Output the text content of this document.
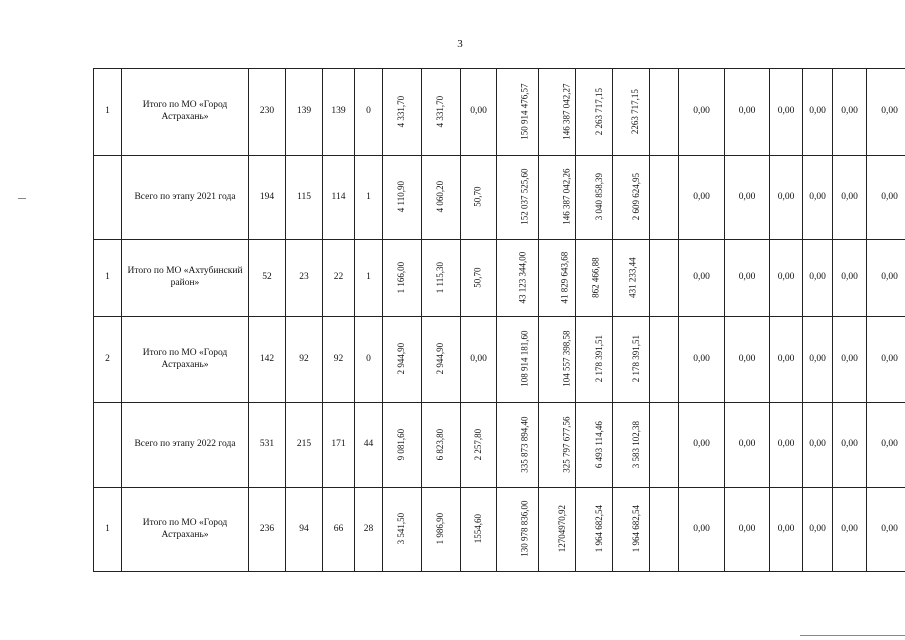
3
1	Итого по МО «Город Астрахань»	230	139	139	0	4 331,70	4 331,70	0,00	150 914 476,57	146 387 042,27	2 263 717,15	2263 717,15		0,00	0,00	0,00	0,00	0,00	0,00
	Всего по этапу 2021 года	194	115	114	1	4 110,90	4 060,20	50,70	152 037 525,60	146 387 042,26	3 040 858,39	2 609 624,95		0,00	0,00	0,00	0,00	0,00	0,00
1	Итого по МО «Ахтубинский район»	52	23	22	1	1 166,00	1 115,30	50,70	43 123 344,00	41 829 643,68	862 466,88	431 233,44		0,00	0,00	0,00	0,00	0,00	0,00
2	Итого по МО «Город Астрахань»	142	92	92	0	2 944,90	2 944,90	0,00	108 914 181,60	104 557 398,58	2 178 391,51	2 178 391,51		0,00	0,00	0,00	0,00	0,00	0,00
	Всего по этапу 2022 года	531	215	171	44	9 081,60	6 823,80	2 257,80	335 873 894,40	325 797 677,56	6 493 114,46	3 583 102,38		0,00	0,00	0,00	0,00	0,00	0,00
1	Итого по МО «Город Астрахань»	236	94	66	28	3 541,50	1 986,90	1554,60	130 978 836,00	12704970,92	1 964 682,54	1 964 682,54		0,00	0,00	0,00	0,00	0,00	0,00
